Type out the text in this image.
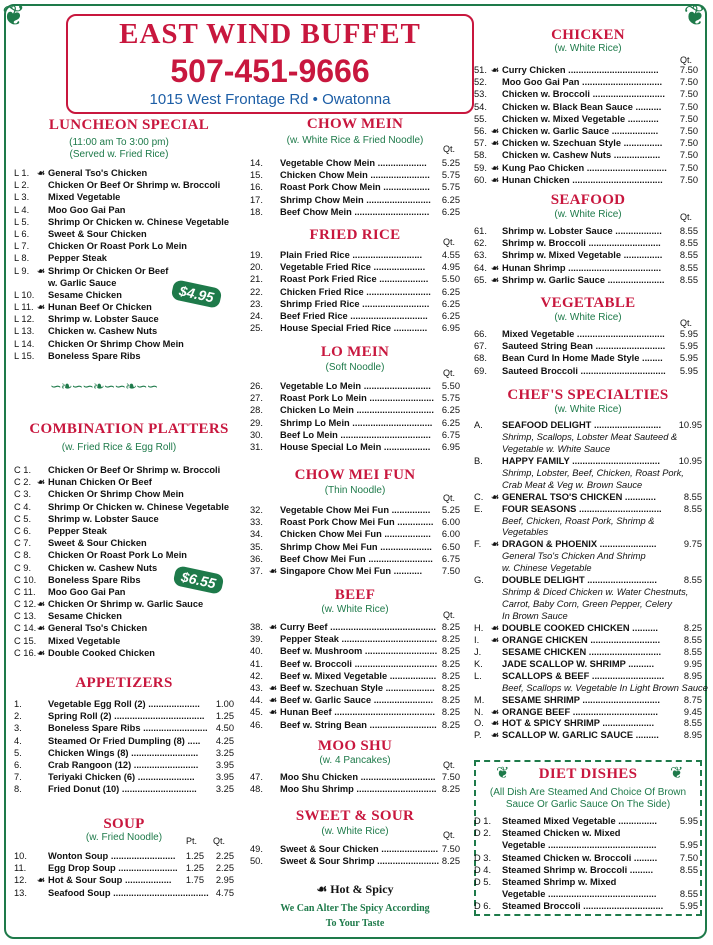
❦	❦
EAST WIND BUFFET
507-451-9666
1015 West Frontage Rd • Owatonna
LUNCHEON SPECIAL
(11:00 am To 3:00 pm)
(Served w. Fried Rice)
L 1. ☙ General Tso's Chicken
L 2. Chicken Or Beef Or Shrimp w. Broccoli
L 3. Mixed Vegetable
L 4. Moo Goo Gai Pan
L 5. Shrimp Or Chicken w. Chinese Vegetable
L 6. Sweet & Sour Chicken
L 7. Chicken Or Roast Pork Lo Mein
L 8. Pepper Steak
L 9. ☙ Shrimp Or Chicken Or Beef
w. Garlic Sauce
L 10. Sesame Chicken
L 11. ☙ Hunan Beef Or Chicken
L 12. Shrimp w. Lobster Sauce
L 13. Chicken w. Cashew Nuts
L 14. Chicken Or Shrimp Chow Mein
L 15. Boneless Spare Ribs
$4.95
∽❧∽∽❧∽∽❧∽∽
COMBINATION PLATTERS
(w. Fried Rice & Egg Roll)
C 1. Chicken Or Beef Or Shrimp w. Broccoli
C 2. ☙ Hunan Chicken Or Beef
C 3. Chicken Or Shrimp Chow Mein
C 4. Shrimp Or Chicken w. Chinese Vegetable
C 5. Shrimp w. Lobster Sauce
C 6. Pepper Steak
C 7. Sweet & Sour Chicken
C 8. Chicken Or Roast Pork Lo Mein
C 9. Chicken w. Cashew Nuts
C 10. Boneless Spare Ribs
C 11. Moo Goo Gai Pan
C 12. ☙ Chicken Or Shrimp w. Garlic Sauce
C 13. Sesame Chicken
C 14. ☙ General Tso's Chicken
C 15. Mixed Vegetable
C 16. ☙ Double Cooked Chicken
$6.55
APPETIZERS
1.	Vegetable Egg Roll (2) .................... 1.00
2.	Spring Roll (2) ................................... 1.25
3.	Boneless Spare Ribs ......................... 4.50
4.	Steamed Or Fried Dumpling (8) ..... 4.25
5.	Chicken Wings (8) .......................... 3.25
6.	Crab Rangoon (12) ......................... 3.95
7.	Teriyaki Chicken (6) ...................... 3.95
8.	Fried Donut (10) ............................. 3.25
SOUP
(w. Fried Noodle)	Pt. Qt.
10. Wonton Soup ......................... 1.25 2.25
11. Egg Drop Soup ....................... 1.25 2.25
12. ☙ Hot & Sour Soup .................. 1.75 2.95
13. Seafood Soup ..................................... 4.75
CHOW MEIN
(w. White Rice & Fried Noodle)
Qt.
14. Vegetable Chow Mein ................... 5.25
15. Chicken Chow Mein ....................... 5.75
16. Roast Pork Chow Mein .................. 5.75
17. Shrimp Chow Mein ......................... 6.25
18. Beef Chow Mein ............................. 6.25
FRIED RICE	Qt.
19. Plain Fried Rice ........................... 4.55
20. Vegetable Fried Rice .................... 4.95
21. Roast Pork Fried Rice ................... 5.50
22. Chicken Fried Rice ......................... 6.25
23. Shrimp Fried Rice .......................... 6.25
24. Beef Fried Rice .............................. 6.25
25. House Special Fried Rice ............. 6.95
LO MEIN
(Soft Noodle)	Qt.
26. Vegetable Lo Mein .......................... 5.50
27. Roast Pork Lo Mein ......................... 5.75
28. Chicken Lo Mein .............................. 6.25
29. Shrimp Lo Mein ............................... 6.25
30. Beef Lo Mein ................................... 6.75
31. House Special Lo Mein .................. 6.95
CHOW MEI FUN
(Thin Noodle)
Qt.
32. Vegetable Chow Mei Fun ............... 5.25
33. Roast Pork Chow Mei Fun .............. 6.00
34. Chicken Chow Mei Fun .................. 6.00
35. Shrimp Chow Mei Fun .................... 6.50
36. Beef Chow Mei Fun ......................... 6.75
37. ☙ Singapore Chow Mei Fun ........... 7.50
BEEF
(w. White Rice)	Qt.
38. ☙ Curry Beef ......................................... 8.25
39. Pepper Steak ..................................... 8.25
40. Beef w. Mushroom ............................ 8.25
41. Beef w. Broccoli ................................ 8.25
42. Beef w. Mixed Vegetable .................. 8.25
43. ☙ Beef w. Szechuan Style ................... 8.25
44. ☙ Beef w. Garlic Sauce ....................... 8.25
45. ☙ Hunan Beef ....................................... 8.25
46. Beef w. String Bean .......................... 8.25
MOO SHU
(w. 4 Pancakes)	Qt.
47. Moo Shu Chicken ............................. 7.50
48. Moo Shu Shrimp ............................... 8.25
SWEET & SOUR
(w. White Rice)	Qt.
49. Sweet & Sour Chicken ...................... 7.50
50. Sweet & Sour Shrimp ........................ 8.25
☙ Hot & Spicy
We Can Alter The Spicy According
To Your Taste
CHICKEN
(w. White Rice)
Qt.
51. ☙ Curry Chicken ................................... 7.50
52. Moo Goo Gai Pan ............................... 7.50
53. Chicken w. Broccoli ............................ 7.50
54. Chicken w. Black Bean Sauce .......... 7.50
55. Chicken w. Mixed Vegetable ............ 7.50
56. ☙ Chicken w. Garlic Sauce .................. 7.50
57. ☙ Chicken w. Szechuan Style ............... 7.50
58. Chicken w. Cashew Nuts .................. 7.50
59. ☙ Kung Pao Chicken ............................... 7.50
60. ☙ Hunan Chicken ................................... 7.50
SEAFOOD
(w. White Rice)	Qt.
61. Shrimp w. Lobster Sauce .................. 8.55
62. Shrimp w. Broccoli ............................ 8.55
63. Shrimp w. Mixed Vegetable ............... 8.55
64. ☙ Hunan Shrimp .................................... 8.55
65. ☙ Shrimp w. Garlic Sauce ...................... 8.55
VEGETABLE
(w. White Rice)	Qt.
66. Mixed Vegetable .................................. 5.95
67. Sauteed String Bean ........................... 5.95
68. Bean Curd In Home Made Style ........ 5.95
69. Sauteed Broccoli ................................. 5.95
CHEF'S SPECIALTIES
(w. White Rice)
A. SEAFOOD DELIGHT .......................... 10.95
Shrimp, Scallops, Lobster Meat Sauteed &
Vegetable w. White Sauce
B. HAPPY FAMILY .................................. 10.95
Shrimp, Lobster, Beef, Chicken, Roast Pork,
Crab Meat & Veg w. Brown Sauce
C. ☙ GENERAL TSO'S CHICKEN ............	8.55
E. FOUR SEASONS ................................ 8.55
Beef, Chicken, Roast Pork, Shrimp &
Vegetables
F. ☙ DRAGON & PHOENIX ......................	9.75
General Tso's Chicken And Shrimp
w. Chinese Vegetable
G. DOUBLE DELIGHT ...........................	8.55
Shrimp & Diced Chicken w. Water Chestnuts,
Carrot, Baby Corn, Green Pepper, Celery
In Brown Sauce
H. ☙ DOUBLE COOKED CHICKEN ..........	8.25
I. ☙ ORANGE CHICKEN ...........................	8.55
J. SESAME CHICKEN ............................ 8.55
K. JADE SCALLOP W. SHRIMP ..........	9.95
L. SCALLOPS & BEEF ............................ 8.95
Beef, Scallops w. Vegetable In Light Brown Sauce
M. SESAME SHRIMP ..............................	8.75
N. ☙ ORANGE BEEF .................................	9.45
O. ☙ HOT & SPICY SHRIMP ....................	8.55
P. ☙ SCALLOP W. GARLIC SAUCE .........	8.95
❦	❦
DIET DISHES
(All Dish Are Steamed And Choice Of Brown
Sauce Or Garlic Sauce On The Side)
D 1. Steamed Mixed Vegetable ............... 5.95
D 2. Steamed Chicken w. Mixed
Vegetable ..........................................	5.95
D 3. Steamed Chicken w. Broccoli ......... 7.50
D 4. Steamed Shrimp w. Broccoli .........	8.55
D 5. Steamed Shrimp w. Mixed
Vegetable ..........................................	8.55
D 6. Steamed Broccoli ............................... 5.95
